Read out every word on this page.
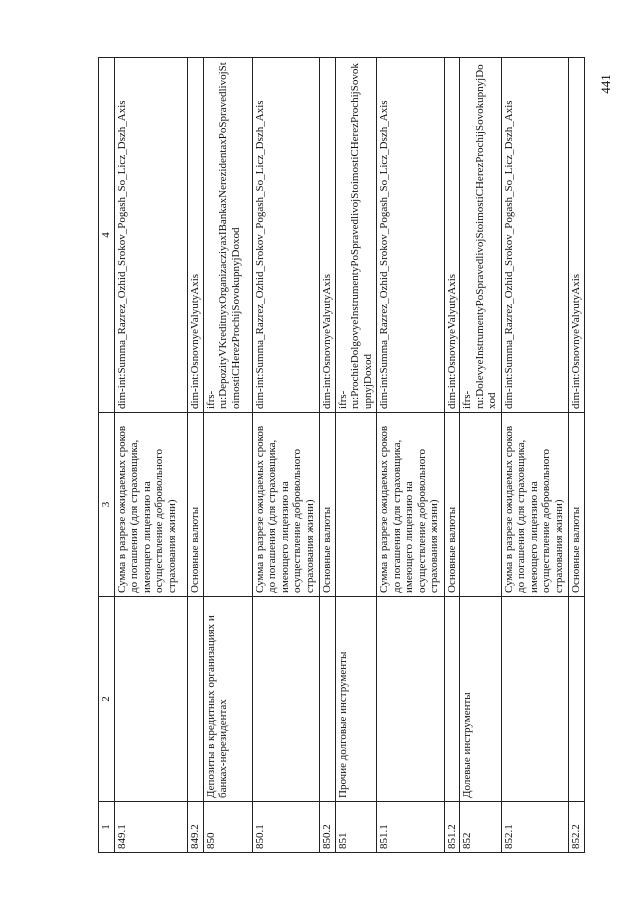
1	2	3	4
849.1		Сумма в разрезе ожидаемых сроков до погашения (для страховщика, имеющего лицензию на осуществление добровольного страхования жизни)	dim-int:Summa_Razrez_Ozhid_Srokov_Pogash_So_Licz_Dszh_Axis
849.2		Основные валюты	dim-int:OsnovnyeValyutyAxis
850	Депозиты в кредитных организациях и банках-нерезидентах		ifrs-ru:DepozityVKreditnyxOrganizacziyaxIBankaxNerezidentaxPoSpravedlivojStoimostiCHerezProchijSovokupnyjDoxod
850.1		Сумма в разрезе ожидаемых сроков до погашения (для страховщика, имеющего лицензию на осуществление добровольного страхования жизни)	dim-int:Summa_Razrez_Ozhid_Srokov_Pogash_So_Licz_Dszh_Axis
850.2		Основные валюты	dim-int:OsnovnyeValyutyAxis
851	Прочие долговые инструменты		ifrs-ru:ProchieDolgovyeInstrumentyPoSpravedlivojStoimostiCHerezProchijSovokupnyjDoxod
851.1		Сумма в разрезе ожидаемых сроков до погашения (для страховщика, имеющего лицензию на осуществление добровольного страхования жизни)	dim-int:Summa_Razrez_Ozhid_Srokov_Pogash_So_Licz_Dszh_Axis
851.2		Основные валюты	dim-int:OsnovnyeValyutyAxis
852	Долевые инструменты		ifrs-ru:DolevyeInstrumentyPoSpravedlivojStoimostiCHerezProchijSovokupnyjDoxod
852.1		Сумма в разрезе ожидаемых сроков до погашения (для страховщика, имеющего лицензию на осуществление добровольного страхования жизни)	dim-int:Summa_Razrez_Ozhid_Srokov_Pogash_So_Licz_Dszh_Axis
852.2		Основные валюты	dim-int:OsnovnyeValyutyAxis
441
